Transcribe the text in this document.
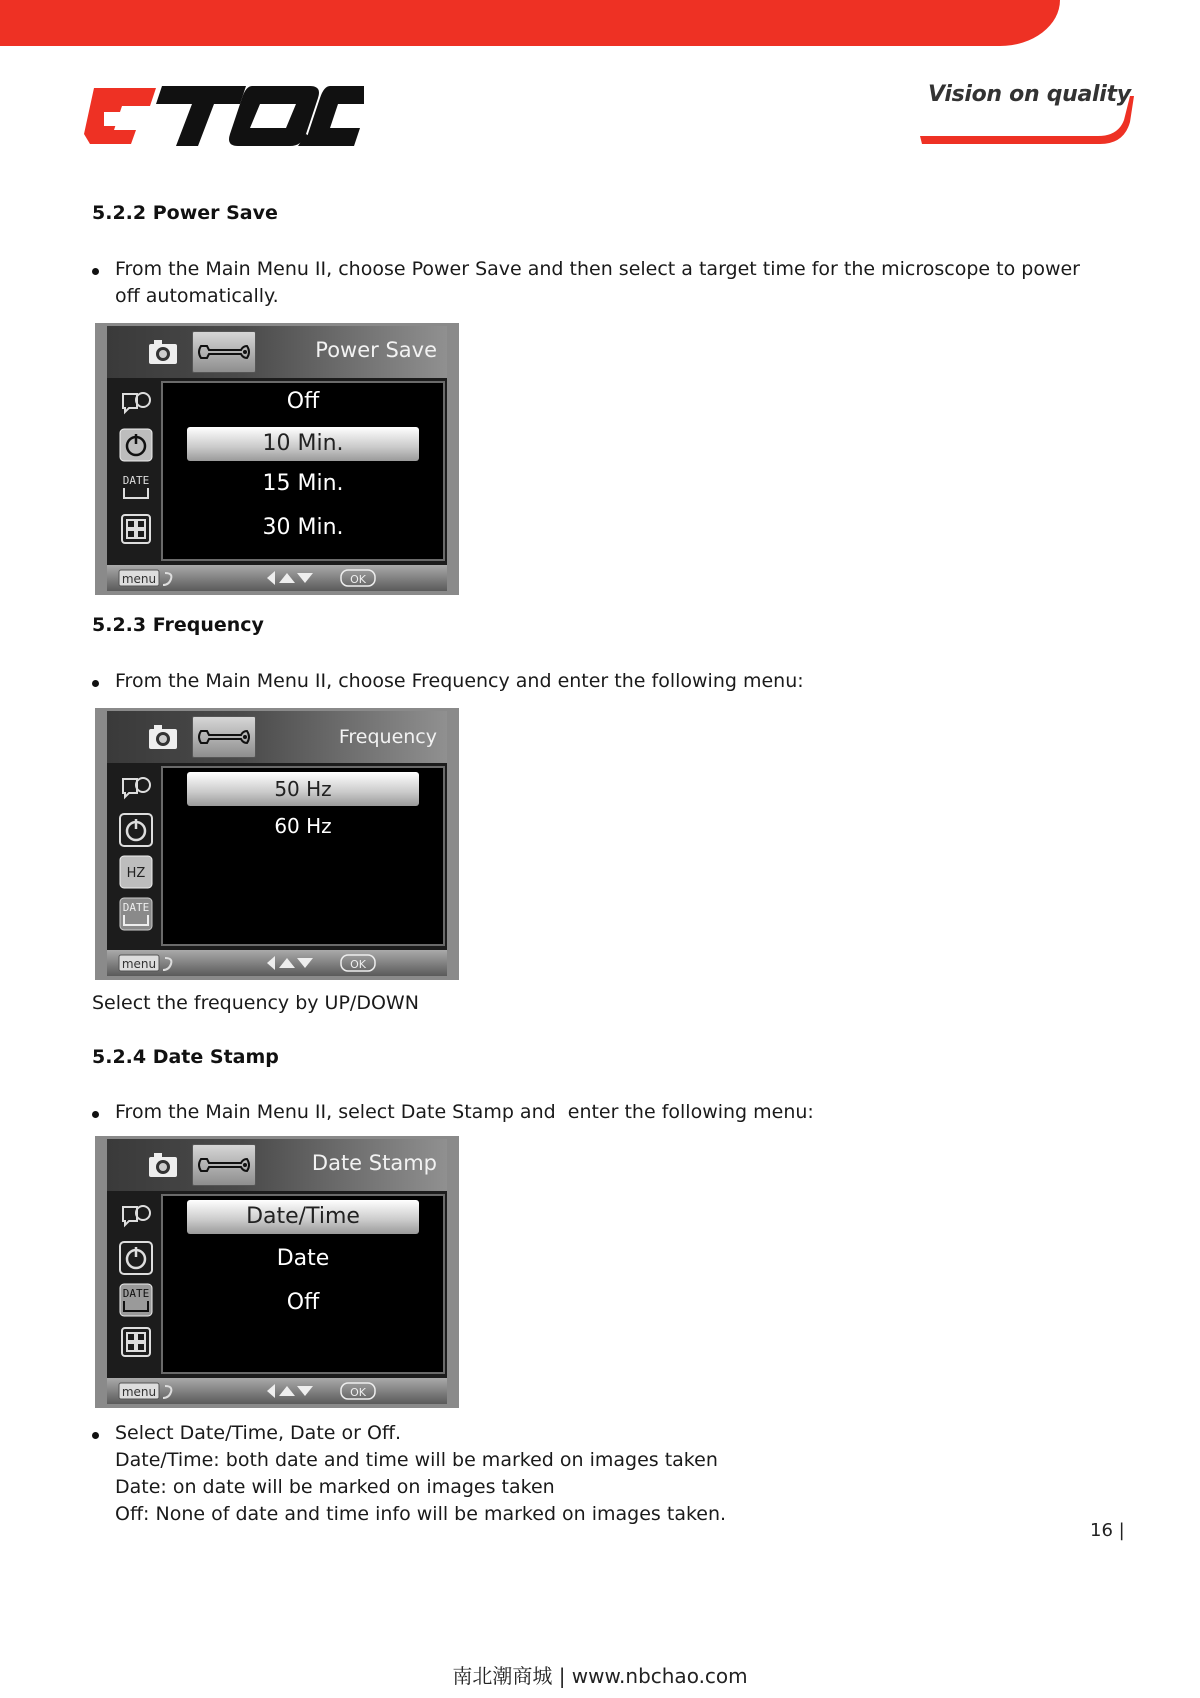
Vision on quality
5.2.2 Power Save
From the Main Menu II, choose Power Save and then select a target time for the microscope to power off automatically.
Power Save
DATE
Off
10 Min.
15 Min.
30 Min.
menu	OK
5.2.3 Frequency
From the Main Menu II, choose Frequency and enter the following menu:
Frequency
HZ
DATE
50 Hz
60 Hz
menu	OK
Select the frequency by UP/DOWN
5.2.4 Date Stamp
From the Main Menu II, select Date Stamp and  enter the following menu:
Date Stamp
DATE
Date/Time
Date
Off
menu	OK
Select Date/Time, Date or Off.
Date/Time: both date and time will be marked on images taken
Date: on date will be marked on images taken
Off: None of date and time info will be marked on images taken.
16 |
南北潮商城 | www.nbchao.com
